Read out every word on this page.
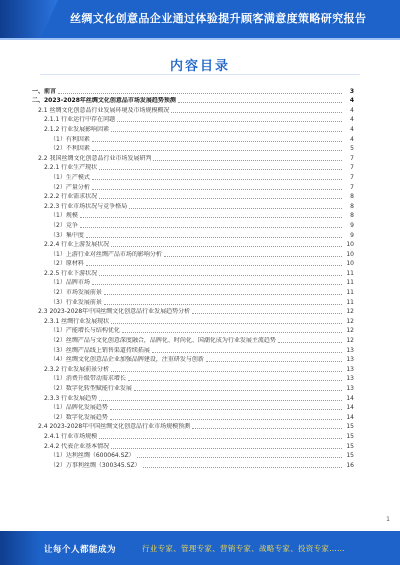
丝绸文化创意品企业通过体验提升顾客满意度策略研究报告
内容目录
一、前言	3
二、2023-2028年丝绸文化创意品市场发展趋势预测	4
2.1 丝绸文化创意品行业发展环境及市场规模概况	4
2.1.1 行业运行中存在问题	4
2.1.2 行业发展影响因素	4
（1）有利因素	4
（2）不利因素	5
2.2 我国丝绸文化创意品行业市场发展研判	7
2.2.1 行业生产现状	7
（1）生产模式	7
（2）产量分析	7
2.2.2 行业需求状况	8
2.2.3 行业市场状况与竞争格局	8
（1）规模	8
（2）竞争	9
（3）集中度	9
2.2.4 行业上游发展状况	10
（1）上游行业对丝绸产品市场的影响分析	10
（2）原材料	10
2.2.5 行业下游状况	11
（1）品牌市场	11
（2）市场发展前景	11
（3）行业发展前景	11
2.3 2023-2028年中国丝绸文化创意品行业发展趋势分析	12
2.3.1 丝绸行业发展现状	12
（1）产能增长与结构优化	12
（2）丝绸产品与文化创意深度融合，品牌化、时尚化、国潮化成为行业发展主流趋势	12
（3）丝绸产品线上销售渠道持续拓展	13
（4）丝绸文化创意品企业加强品牌建设，注重研发与创新	13
2.3.2 行业发展前景分析	13
（1）消费升级带动需求增长	13
（2）数字化转型赋能行业发展	13
2.3.3 行业发展趋势	14
（1）品牌化发展趋势	14
（2）数字化发展趋势	14
2.4 2023-2028年中国丝绸文化创意品行业市场规模预测	15
2.4.1 行业市场规模	15
2.4.2 代表企业基本情况	15
（1）达利丝绸（600064.SZ）	15
（2）万事利丝绸（300345.SZ）	16
1
让每个人都能成为	行业专家、管理专家、营销专家、战略专家、投资专家……
